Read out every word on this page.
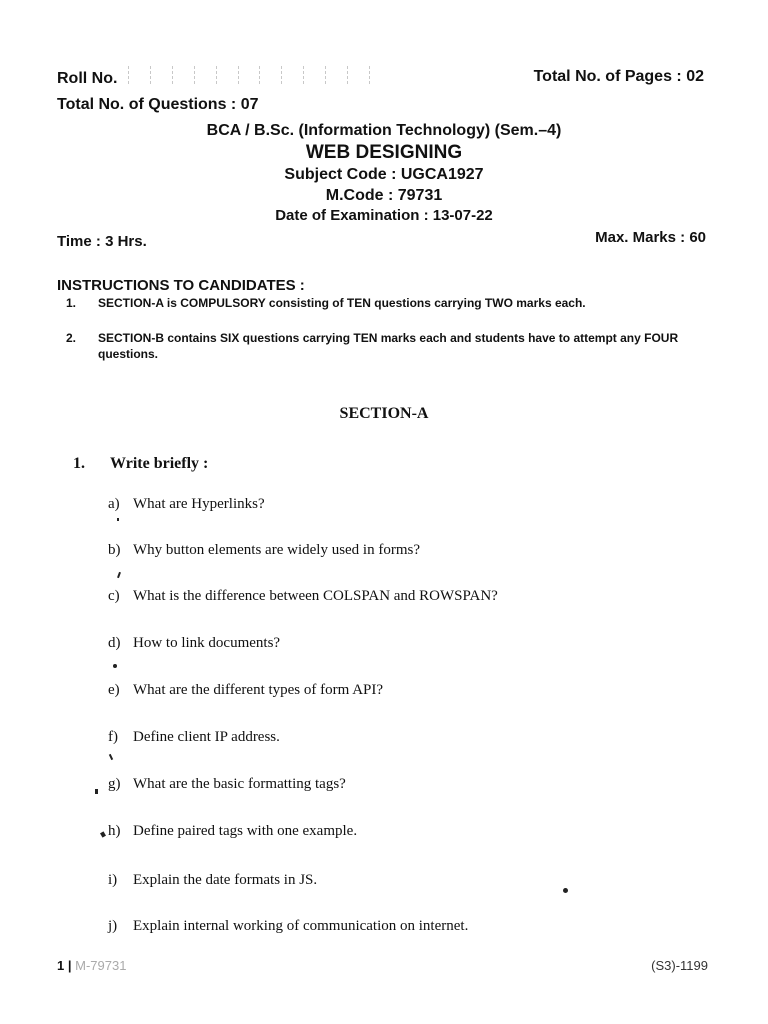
Roll No.	Total No. of Pages : 02
Total No. of Questions : 07
BCA / B.Sc. (Information Technology) (Sem.–4)
WEB DESIGNING
Subject Code : UGCA1927
M.Code : 79731
Date of Examination : 13-07-22
Time : 3 Hrs.	Max. Marks : 60
INSTRUCTIONS TO CANDIDATES :
1.	SECTION-A is COMPULSORY consisting of TEN questions carrying TWO marks each.
2.	SECTION-B contains SIX questions carrying TEN marks each and students have to attempt any FOUR questions.
SECTION-A
1. Write briefly :
a) What are Hyperlinks?
b) Why button elements are widely used in forms?
c) What is the difference between COLSPAN and ROWSPAN?
d) How to link documents?
e) What are the different types of form API?
f)	Define client IP address.
g) What are the basic formatting tags?
h) Define paired tags with one example.
i)	Explain the date formats in JS.
j)	Explain internal working of communication on internet.
1 | M-79731	(S3)-1199
